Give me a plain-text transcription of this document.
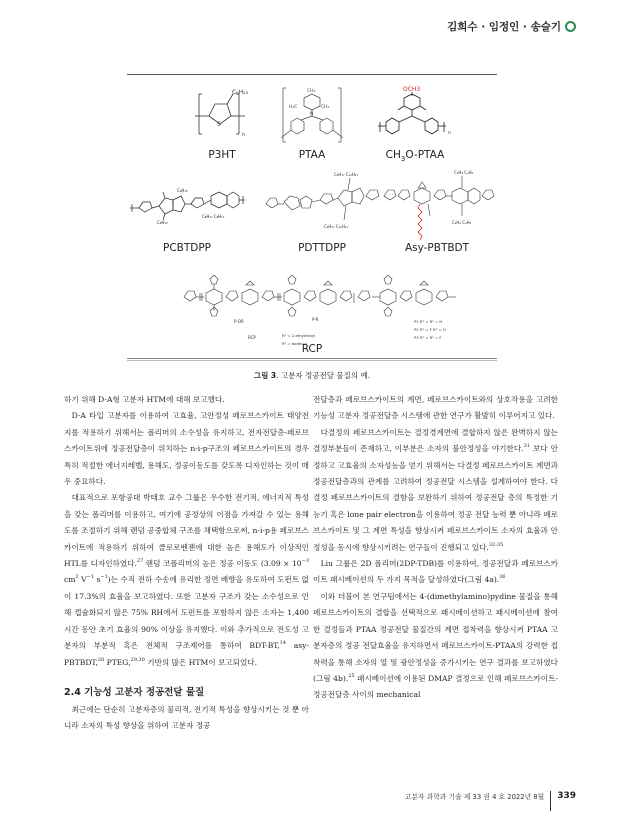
김희수 · 임정인 · 송슬기
S
C₆H₁₃
n
P3HT
CH₃
H₃C	CH₃
N
PTAA
OCH3
n
$CH_3O$-PTAA
C₆H₁₃
C₆H₁₃
C₈H₁₇ C₈H₁₇
PCBTDPP
C₈H₁₇ C₁₀H₂₁
C₈H₁₇ C₁₀H₂₁
PDTTDPP
C₄H₉ C₂H₅
C₄H₉ C₂H₅
Asy-PBTBDT
P-OR	P-R
RCP	R¹ = 2-ethylhexyl
R² = dodecyl
P1 R¹ = R² = H
P2 R¹ = F R² = H
P3 R¹ = R² = F
RCP
그림 3. 고분자 정공전달 물질의 예.

하기 위해 D-A형 고분자 HTM에 대해 보고했다.

D-A 타입 고분자를 이용하여 고효율, 고안정성 페로브스카이트 태양전지를 적용하기 위해서는 폴리머의 소수성을 유지하고, 전자전달층-페로브스카이트위에 정공전달층이 위치하는 n-i-p구조의 페로브스카이트의 경우 특히 적절한 에너지레벨, 용해도, 정공이동도를 갖도록 디자인하는 것이 매우 중요하다.

대표적으로 포항공대 박태호 교수 그룹은 우수한 전기적, 에너지적 특성을 갖는 폴리머를 이용하고, 여기에 공정상의 이점을 가져갈 수 있는 용해도를 조절하기 위해 랜덤 공중합체 구조를 채택함으로써, n-i-p용 페로브스카이트에 적용하기 위하여 클로로벤젠에 대한 높은 용해도가 이상적인 HTL를 디자인하였다.$^{27}$ 랜덤 코폴리머의 높은 정공 이동도 ($3.09 \times 10^{-3}$ $cm^2$ $V^{-1}$ $s^{-1}$)는 수직 전하 수송에 유리한 정면 배향을 유도하여 도펀트 없이 17.3%의 효율을 보고하였다. 또한 고분자 구조가 갖는 소수성으로 인해 캡슐화되지 않은 75% RH에서 도펀트를 포함하지 않은 소자는 1,400시간 동안 초기 효율의 90% 이상을 유지했다. 이와 추가적으로 전도성 고분자의 부분적 혹은 전체적 구조제어를 통하여 BDT-BT,$^{14}$ asy-PBTBDT,$^{28}$ PTEG,$^{29,30}$ 기반의 많은 HTM이 보고되었다.

2.4 기능성 고분자 정공전달 물질

최근에는 단순히 고분자층의 물리적, 전기적 특성을 향상시키는 것 뿐 아니라 소자의 특성 향상을 위하여 고분자 정공

전달층과 페로브스카이트의 계면, 페로브스카이트와의 상호작용을 고려한 기능성 고분자 정공전달층 시스템에 관한 연구가 활발히 이루어지고 있다.

다결정의 페로브스카이트는 결정경계면에 결합하지 않은 완벽하지 않는 결정부분들이 존재하고, 이부분은 소자의 불안정성을 야기한다.$^{31}$ 보다 안정하고 고효율의 소자성능을 얻기 위해서는 다결정 페로브스카이트 계면과 정공전달층과의 관계를 고려하여 정공전달 시스템을 설계하여야 한다. 다결정 페로브스카이트의 결함을 보완하기 위하여 정공전달 층의 특정한 기능기 혹은 lone pair electron을 이용하여 정공 전달 능력 뿐 아니라 페로브스카이트 및 그 계면 특성을 향상시켜 페로브스카이트 소자의 효율과 안정성을 동시에 향상시키려는 연구들이 진행되고 있다.$^{32-35}$

Liu 그룹은 2D 폴리머(2DP-TDB)를 이용하여, 정공전달과 페로브스카이트 패시베이션의 두 가지 목적을 달성하였다(그림 4a).$^{36}$

이와 더불어 본 연구팀에서는 4-(dimethylamino)pydine 물질을 통해 페로브스카이트의 결합을 선택적으로 패시베이션하고 패시베이션에 참여한 결정들과 PTAA 정공전달 물질간의 계면 접착력을 향상시켜 PTAA 고분자층의 정공 전달효율을 유지하면서 페로브스카이트-PTAA의 강력한 접착력을 통해 소자의 열 및 광안정성을 증가시키는 연구 결과를 보고하였다(그림 4b).$^{25}$ 패시베이션에 이용된 DMAP 결정으로 인해 페로브스카이트-정공전달층 사이의 mechanical

고분자 과학과 기술 제 33 권 4 호 2022년 8월 339
